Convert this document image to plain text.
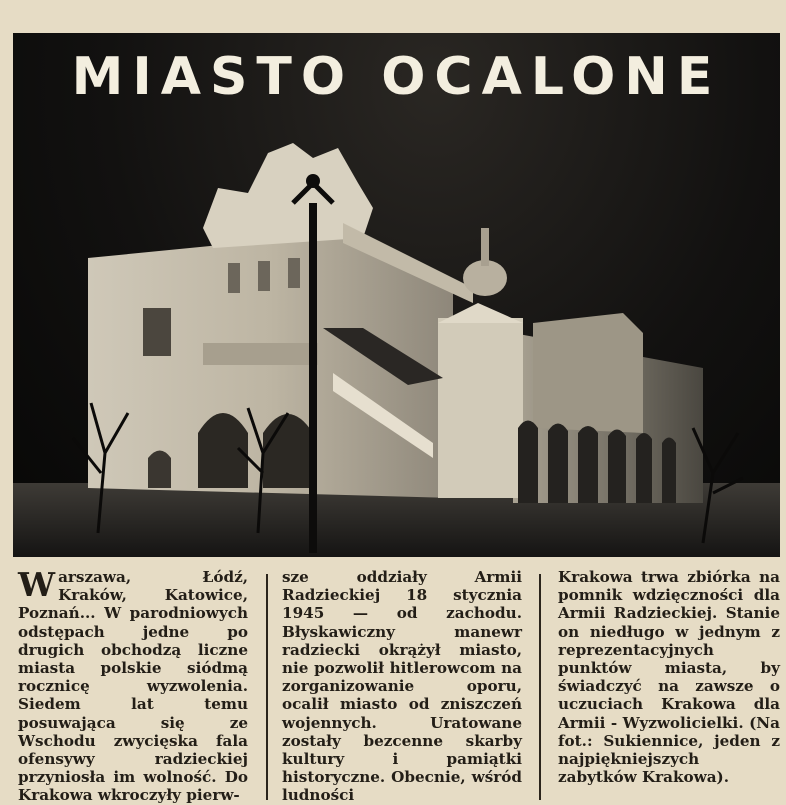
MIASTO OCALONE
Warszawa, Łódź, Kraków, Katowice, Poznań... W parodniowych odstępach jedne po drugich obchodzą liczne miasta polskie siódmą rocznicę wyzwolenia. Siedem lat temu posuwająca się ze Wschodu zwycięska fala ofensywy radzieckiej przyniosła im wolność. Do Krakowa wkroczyły pierw-
sze oddziały Armii Radzieckiej 18 stycznia 1945 — od zachodu. Błyskawiczny manewr radziecki okrążył miasto, nie pozwolił hitlerowcom na zorganizowanie oporu, ocalił miasto od zniszczeń wojennych. Uratowane zostały bezcenne skarby kultury i pamiątki historyczne. Obecnie, wśród ludności
Krakowa trwa zbiórka na pomnik wdzięczności dla Armii Radzieckiej. Stanie on niedługo w jednym z reprezentacyjnych punktów miasta, by świadczyć na zawsze o uczuciach Krakowa dla Armii - Wyzwolicielki. (Na fot.: Sukiennice, jeden z najpiękniejszych zabytków Krakowa).
